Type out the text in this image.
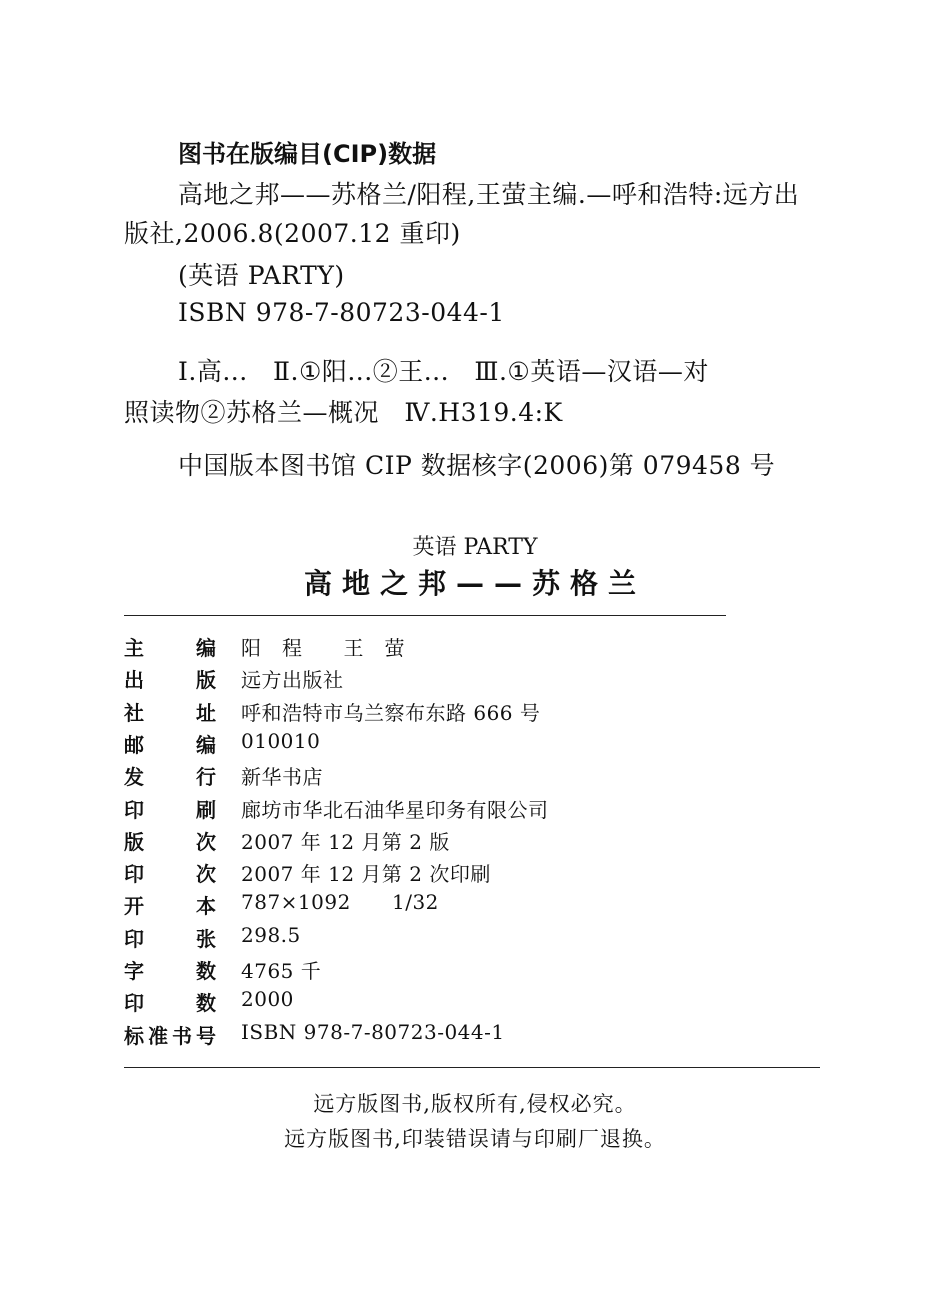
图书在版编目(CIP)数据
高地之邦——苏格兰/阳程,王萤主编.—呼和浩特:远方出
版社,2006.8(2007.12 重印)
(英语 PARTY)
ISBN 978-7-80723-044-1
Ⅰ.高...   Ⅱ.①阳...②王...   Ⅲ.①英语—汉语—对
照读物②苏格兰—概况   Ⅳ.H319.4:K
中国版本图书馆 CIP 数据核字(2006)第 079458 号
英语 PARTY
高地之邦——苏格兰
主	编 阳　程　　王　萤
出	版 远方出版社
社	址 呼和浩特市乌兰察布东路 666 号
邮	编 010010
发	行 新华书店
印	刷 廊坊市华北石油华星印务有限公司
版	次 2007 年 12 月第 2 版
印	次 2007 年 12 月第 2 次印刷
开	本 787×1092      1/32
印	张 298.5
字	数 4765 千
印	数 2000
标 准 书 号 ISBN 978-7-80723-044-1
远方版图书,版权所有,侵权必究。
远方版图书,印装错误请与印刷厂退换。
